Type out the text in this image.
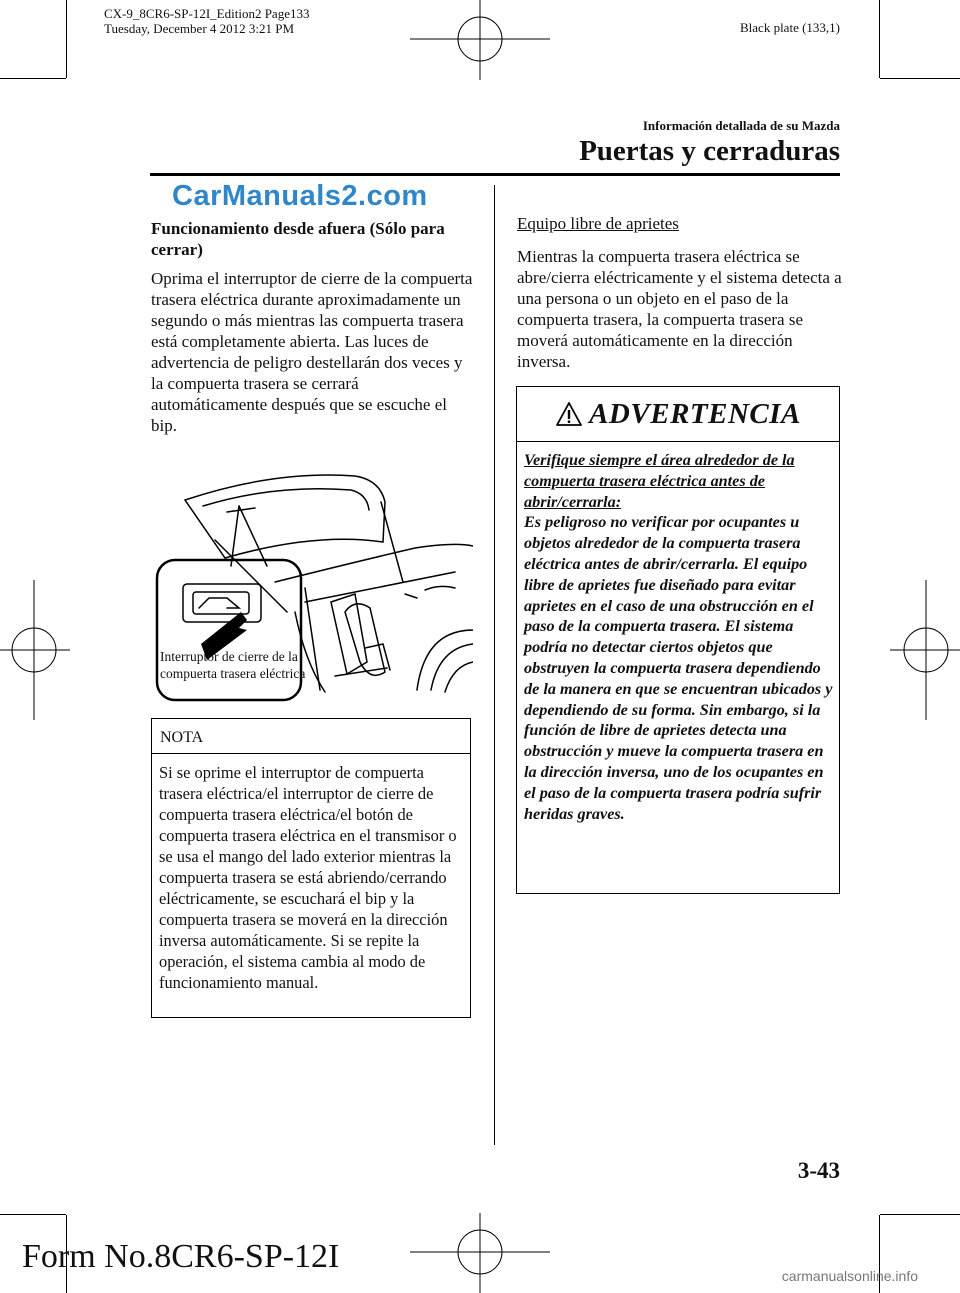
CX-9_8CR6-SP-12I_Edition2 Page133
Tuesday, December 4 2012 3:21 PM	Black plate (133,1)
Información detallada de su Mazda
Puertas y cerraduras
CarManuals2.com

Funcionamiento desde afuera (Sólo para cerrar)

Oprima el interruptor de cierre de la compuerta trasera eléctrica durante aproximadamente un segundo o más mientras las compuerta trasera está completamente abierta. Las luces de advertencia de peligro destellarán dos veces y la compuerta trasera se cerrará automáticamente después que se escuche el bip.

Interruptor de cierre de la
compuerta trasera eléctrica
NOTA
Si se oprime el interruptor de compuerta trasera eléctrica/el interruptor de cierre de compuerta trasera eléctrica/el botón de compuerta trasera eléctrica en el transmisor o se usa el mango del lado exterior mientras la compuerta trasera se está abriendo/cerrando eléctricamente, se escuchará el bip y la compuerta trasera se moverá en la dirección inversa automáticamente. Si se repite la operación, el sistema cambia al modo de funcionamiento manual.

Equipo libre de aprietes

Mientras la compuerta trasera eléctrica se abre/cierra eléctricamente y el sistema detecta a una persona o un objeto en el paso de la compuerta trasera, la compuerta trasera se moverá automáticamente en la dirección inversa.

ADVERTENCIA
Verifique siempre el área alrededor de la compuerta trasera eléctrica antes de abrir/cerrarla:
Es peligroso no verificar por ocupantes u objetos alrededor de la compuerta trasera eléctrica antes de abrir/cerrarla. El equipo libre de aprietes fue diseñado para evitar aprietes en el caso de una obstrucción en el paso de la compuerta trasera. El sistema podría no detectar ciertos objetos que obstruyen la compuerta trasera dependiendo de la manera en que se encuentran ubicados y dependiendo de su forma. Sin embargo, si la función de libre de aprietes detecta una obstrucción y mueve la compuerta trasera en la dirección inversa, uno de los ocupantes en el paso de la compuerta trasera podría sufrir heridas graves.
3-43
Form No.8CR6-SP-12I
carmanualsonline.info
